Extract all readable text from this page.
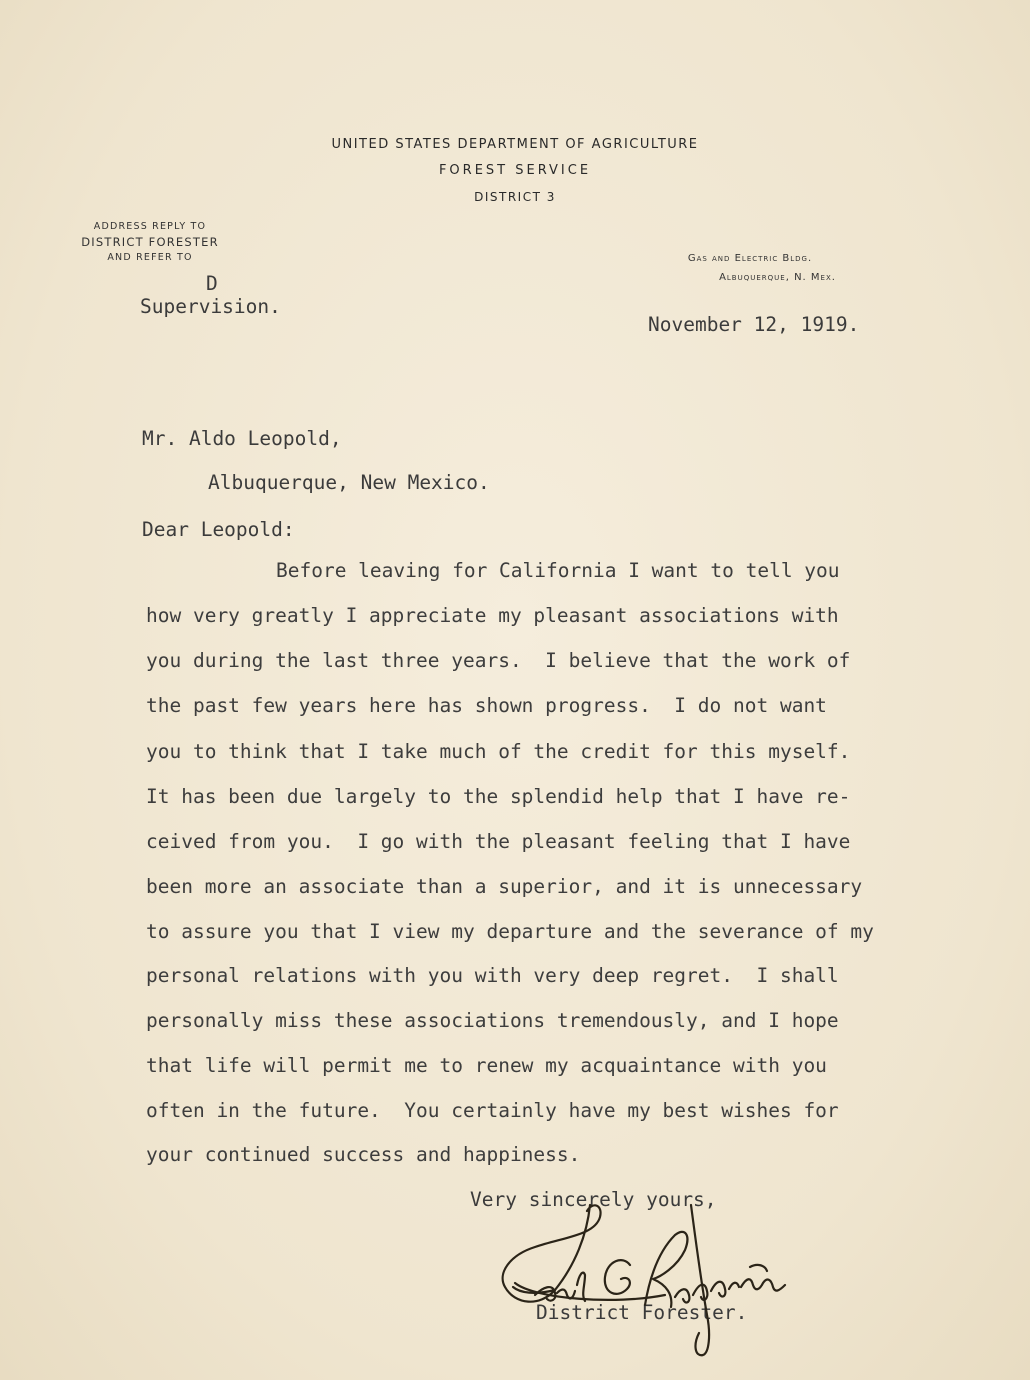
UNITED STATES DEPARTMENT OF AGRICULTURE
FOREST SERVICE
DISTRICT 3
ADDRESS REPLY TO
DISTRICT FORESTER
AND REFER TO	Gas and Electric Bldg.
Albuquerque, N. Mex.
D
Supervision.
November 12, 1919.
Mr. Aldo Leopold,
Albuquerque, New Mexico.
Dear Leopold:
Before leaving for California I want to tell you
how very greatly I appreciate my pleasant associations with
you during the last three years.  I believe that the work of
the past few years here has shown progress.  I do not want
you to think that I take much of the credit for this myself.
It has been due largely to the splendid help that I have re-
ceived from you.  I go with the pleasant feeling that I have
been more an associate than a superior, and it is unnecessary
to assure you that I view my departure and the severance of my
personal relations with you with very deep regret.  I shall
personally miss these associations tremendously, and I hope
that life will permit me to renew my acquaintance with you
often in the future.  You certainly have my best wishes for
your continued success and happiness.
Very sincerely yours,
District Forester.
